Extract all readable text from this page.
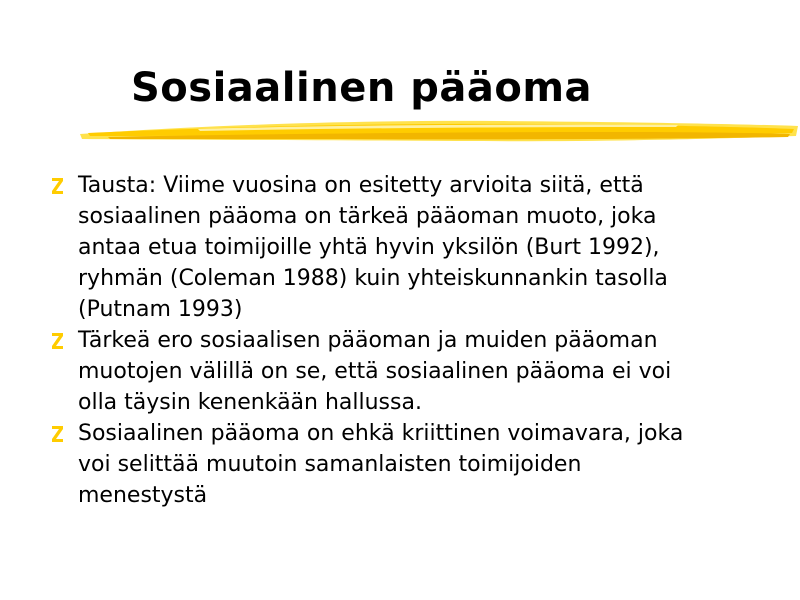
Sosiaalinen pääoma
Tausta: Viime vuosina on esitetty arvioita siitä, että
sosiaalinen pääoma on tärkeä pääoman muoto, joka
antaa etua toimijoille yhtä hyvin yksilön (Burt 1992),
ryhmän (Coleman 1988) kuin yhteiskunnankin tasolla
(Putnam 1993)
Tärkeä ero sosiaalisen pääoman ja muiden pääoman
muotojen välillä on se, että sosiaalinen pääoma ei voi
olla täysin kenenkään hallussa.
Sosiaalinen pääoma on ehkä kriittinen voimavara, joka
voi selittää muutoin samanlaisten toimijoiden
menestystä
